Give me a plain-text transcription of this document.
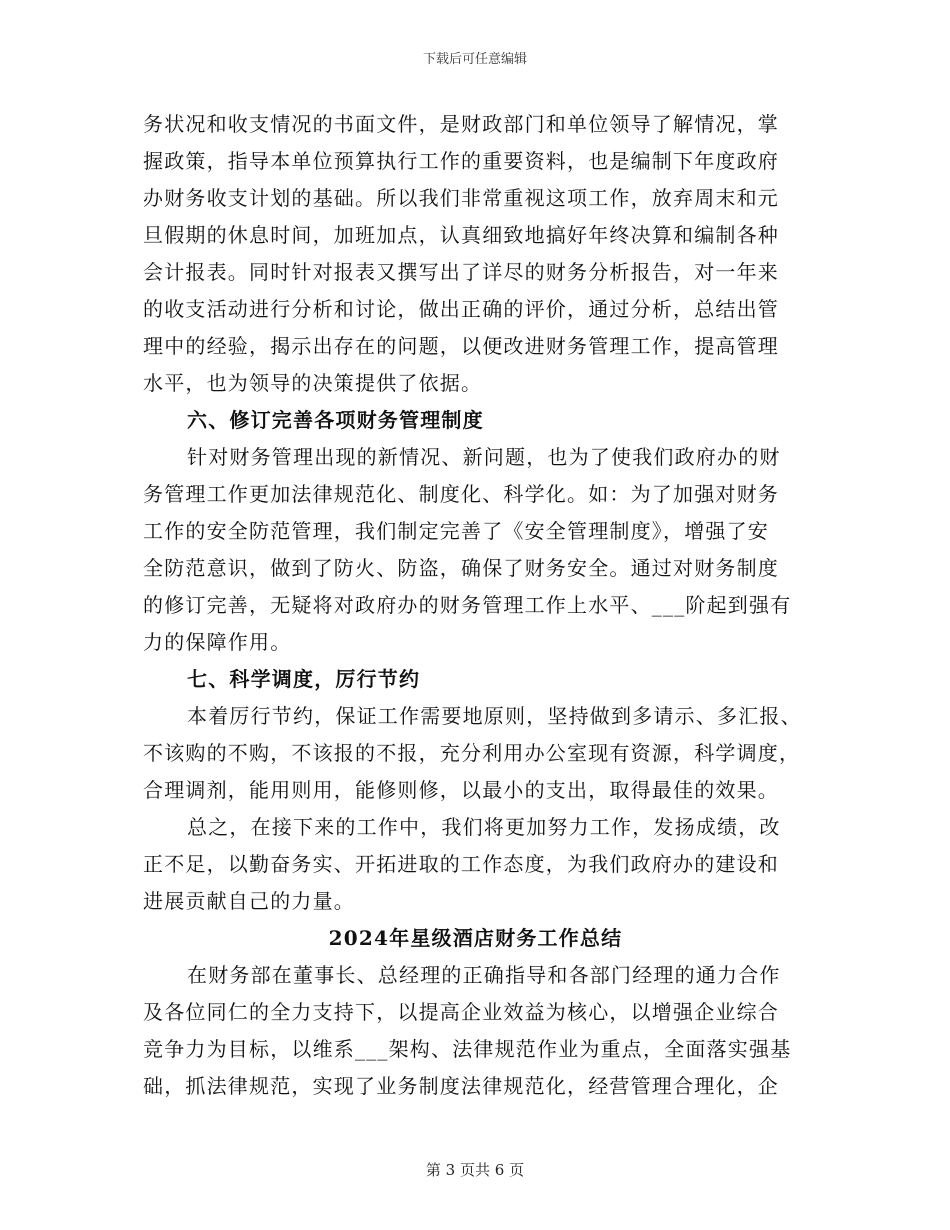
下载后可任意编辑
务状况和收支情况的书面文件，是财政部门和单位领导了解情况，掌
握政策，指导本单位预算执行工作的重要资料，也是编制下年度政府
办财务收支计划的基础。所以我们非常重视这项工作，放弃周末和元
旦假期的休息时间，加班加点，认真细致地搞好年终决算和编制各种
会计报表。同时针对报表又撰写出了详尽的财务分析报告，对一年来
的收支活动进行分析和讨论，做出正确的评价，通过分析，总结出管
理中的经验，揭示出存在的问题，以便改进财务管理工作，提高管理
水平，也为领导的决策提供了依据。
六、修订完善各项财务管理制度
针对财务管理出现的新情况、新问题，也为了使我们政府办的财
务管理工作更加法律规范化、制度化、科学化。如：为了加强对财务
工作的安全防范管理，我们制定完善了《安全管理制度》，增强了安
全防范意识，做到了防火、防盗，确保了财务安全。通过对财务制度
的修订完善，无疑将对政府办的财务管理工作上水平、___阶起到强有
力的保障作用。
七、科学调度，厉行节约
本着厉行节约，保证工作需要地原则，坚持做到多请示、多汇报、
不该购的不购，不该报的不报，充分利用办公室现有资源，科学调度，
合理调剂，能用则用，能修则修，以最小的支出，取得最佳的效果。
总之，在接下来的工作中，我们将更加努力工作，发扬成绩，改
正不足，以勤奋务实、开拓进取的工作态度，为我们政府办的建设和
进展贡献自己的力量。
2024年星级酒店财务工作总结
在财务部在董事长、总经理的正确指导和各部门经理的通力合作
及各位同仁的全力支持下，以提高企业效益为核心，以增强企业综合
竞争力为目标，以维系___架构、法律规范作业为重点，全面落实强基
础，抓法律规范，实现了业务制度法律规范化，经营管理合理化，企
第 3 页共 6 页
